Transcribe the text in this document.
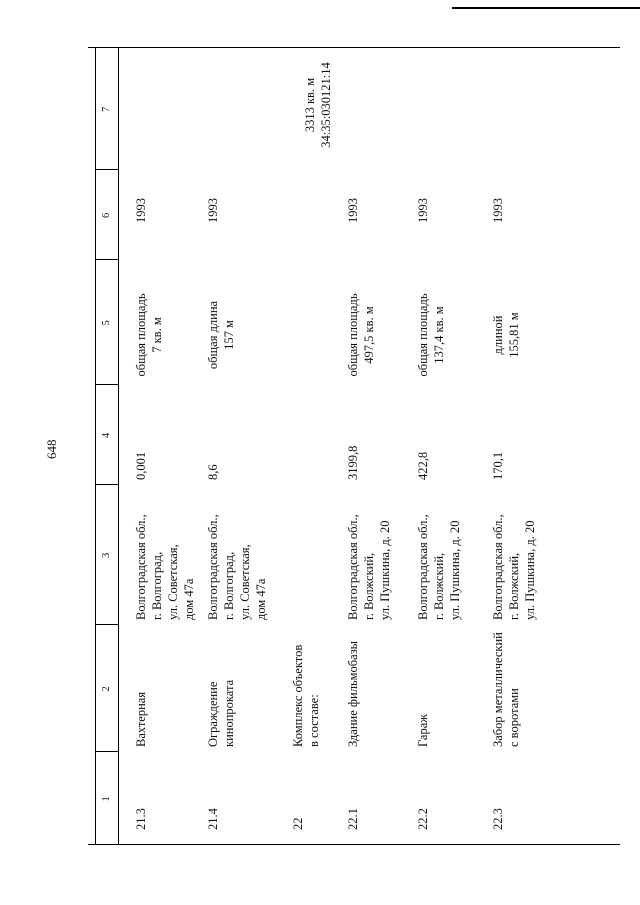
648
1
2
3
4
5
6
7
21.3
Вахтерная
Волгоградская обл., г. Волгоград, ул. Советская, дом 47а
0,001
общая площадь 7 кв. м
1993
21.4
Ограждение кинопроката
Волгоградская обл., г. Волгоград, ул. Советская, дом 47а
8,6
общая длина 157 м
1993
22
Комплекс объектов в составе:
3313 кв. м 34:35:030121:14
22.1
Здание фильмобазы
Волгоградская обл., г. Волжский, ул. Пушкина, д. 20
3199,8
общая площадь 497,5 кв. м
1993
22.2
Гараж
Волгоградская обл., г. Волжский, ул. Пушкина, д. 20
422,8
общая площадь 137,4 кв. м
1993
22.3
Забор металлический с воротами
Волгоградская обл., г. Волжский, ул. Пушкина, д. 20
170,1
длиной 155,81 м
1993
